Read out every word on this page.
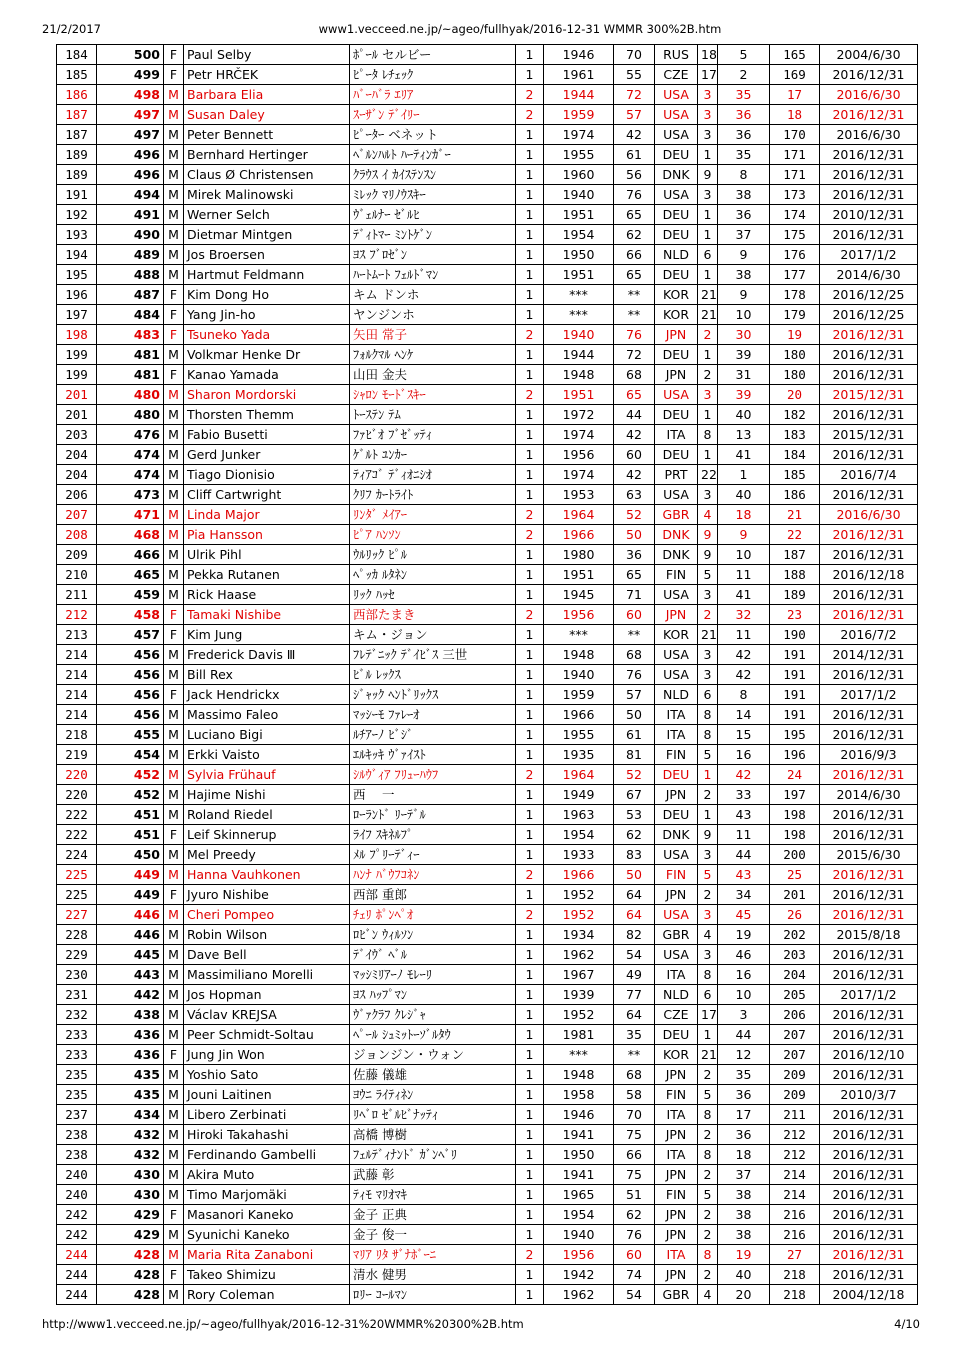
21/2/2017	www1.vecceed.ne.jp/~ageo/fullhyak/2016-12-31 WMMR 300%2B.htm
184	500	F	Paul Selby	ﾎﾟｰﾙ セルビー	1	1946	70	RUS	18	5	165	2004/6/30
185	499	F	Petr HRČEK	ﾋﾟｰﾀ ﾚﾁｪｯｸ	1	1961	55	CZE	17	2	169	2016/12/31
186	498	M	Barbara Elia	ﾊﾞｰﾊﾞﾗ ｴﾘｱ	2	1944	72	USA	3	35	17	2016/6/30
187	497	M	Susan Daley	ｽｰｻﾞﾝ ﾃﾞｲﾘｰ	2	1959	57	USA	3	36	18	2016/12/31
187	497	M	Peter Bennett	ﾋﾟｰﾀｰ ベネット	1	1974	42	USA	3	36	170	2016/6/30
189	496	M	Bernhard Hertinger	ﾍﾞﾙﾝﾊﾙﾄ ﾊｰﾃｨﾝｶﾞｰ	1	1955	61	DEU	1	35	171	2016/12/31
189	496	M	Claus Ø Christensen	ｸﾗｳｽ ｲ ｶｲｽﾃﾝｽﾝ	1	1960	56	DNK	9	8	171	2016/12/31
191	494	M	Mirek Malinowski	ﾐﾚｯｸ ﾏﾘﾉｳｽｷｰ	1	1940	76	USA	3	38	173	2016/12/31
192	491	M	Werner Selch	ｳﾞｪﾙﾅｰ ｾﾞﾙﾋ	1	1951	65	DEU	1	36	174	2010/12/31
193	490	M	Dietmar Mintgen	ﾃﾞｨﾄﾏｰ ﾐﾝﾄｹﾞﾝ	1	1954	62	DEU	1	37	175	2016/12/31
194	489	M	Jos Broersen	ﾖｽ ﾌﾞﾛｾﾞﾝ	1	1950	66	NLD	6	9	176	2017/1/2
195	488	M	Hartmut Feldmann	ﾊｰﾄﾑｰﾄ ﾌｪﾙﾄﾞﾏﾝ	1	1951	65	DEU	1	38	177	2014/6/30
196	487	F	Kim Dong Ho	キム ドンホ	1	***	**	KOR	21	9	178	2016/12/25
197	484	F	Yang Jin-ho	ヤンジンホ	1	***	**	KOR	21	10	179	2016/12/25
198	483	F	Tsuneko Yada	矢田 常子	2	1940	76	JPN	2	30	19	2016/12/31
199	481	M	Volkmar Henke Dr	ﾌｫﾙｸﾏﾙ ﾍﾝｹ	1	1944	72	DEU	1	39	180	2016/12/31
199	481	F	Kanao Yamada	山田 金夫	1	1948	68	JPN	2	31	180	2016/12/31
201	480	M	Sharon Mordorski	ｼｬﾛﾝ ﾓｰﾄﾞｽｷｰ	2	1951	65	USA	3	39	20	2015/12/31
201	480	M	Thorsten Themm	ﾄｰｽﾃﾝ ﾃﾑ	1	1972	44	DEU	1	40	182	2016/12/31
203	476	M	Fabio Busetti	ﾌｧﾋﾞｵ ﾌﾞｾﾞｯﾃｨ	1	1974	42	ITA	8	13	183	2015/12/31
204	474	M	Gerd Junker	ｹﾞﾙﾄ ﾕﾝｶｰ	1	1956	60	DEU	1	41	184	2016/12/31
204	474	M	Tiago Dionisio	ﾃｨｱｺﾞ ﾃﾞｨｵﾆｼｵ	1	1974	42	PRT	22	1	185	2016/7/4
206	473	M	Cliff Cartwright	ｸﾘﾌ ｶｰﾄﾗｲﾄ	1	1953	63	USA	3	40	186	2016/12/31
207	471	M	Linda Major	ﾘﾝﾀﾞ ﾒｲｱｰ	2	1964	52	GBR	4	18	21	2016/6/30
208	468	M	Pia Hansson	ﾋﾟｱ ﾊﾝｿﾝ	2	1966	50	DNK	9	9	22	2016/12/31
209	466	M	Ulrik Pihl	ｳﾙﾘｯｸ ﾋﾟﾙ	1	1980	36	DNK	9	10	187	2016/12/31
210	465	M	Pekka Rutanen	ﾍﾟｯｶ ﾙﾀﾈﾝ	1	1951	65	FIN	5	11	188	2016/12/18
211	459	M	Rick Haase	ﾘｯｸ ﾊｯｾ	1	1945	71	USA	3	41	189	2016/12/31
212	458	F	Tamaki Nishibe	西部たまき	2	1956	60	JPN	2	32	23	2016/12/31
213	457	F	Kim Jung	キム・ジョン	1	***	**	KOR	21	11	190	2016/7/2
214	456	M	Frederick Davis Ⅲ	ﾌﾚﾃﾞﾆｯｸ ﾃﾞｲﾋﾞｽ 三世	1	1948	68	USA	3	42	191	2014/12/31
214	456	M	Bill Rex	ﾋﾞﾙ ﾚｯｸｽ	1	1940	76	USA	3	42	191	2016/12/31
214	456	F	Jack Hendrickx	ｼﾞｬｯｸ ﾍﾝﾄﾞﾘｯｸｽ	1	1959	57	NLD	6	8	191	2017/1/2
214	456	M	Massimo Faleo	ﾏｯｼｰﾓ ﾌｧﾚｰｵ	1	1966	50	ITA	8	14	191	2016/12/31
218	455	M	Luciano Bigi	ﾙﾁｱｰﾉ ﾋﾞｼﾞ	1	1955	61	ITA	8	15	195	2016/12/31
219	454	M	Erkki Vaisto	ｴﾙｷｯｷ ｳﾞｧｲｽﾄ	1	1935	81	FIN	5	16	196	2016/9/3
220	452	M	Sylvia Frühauf	ｼﾙｳﾞｨｱ ﾌﾘｭｰﾊｳﾌ	2	1964	52	DEU	1	42	24	2016/12/31
220	452	M	Hajime Nishi	西　 一	1	1949	67	JPN	2	33	197	2014/6/30
222	451	M	Roland Riedel	ﾛｰﾗﾝﾄﾞ ﾘｰﾃﾞﾙ	1	1963	53	DEU	1	43	198	2016/12/31
222	451	F	Leif Skinnerup	ﾗｲﾌ ｽｷﾈﾙﾌﾟ	1	1954	62	DNK	9	11	198	2016/12/31
224	450	M	Mel Preedy	ﾒﾙ ﾌﾟﾘｰﾃﾞｨｰ	1	1933	83	USA	3	44	200	2015/6/30
225	449	M	Hanna Vauhkonen	ﾊﾝﾅ ﾊﾞｳﾌｺﾈﾝ	2	1966	50	FIN	5	43	25	2016/12/31
225	449	F	Jyuro Nishibe	西部 重郎	1	1952	64	JPN	2	34	201	2016/12/31
227	446	M	Cheri Pompeo	ﾁｪﾘ ﾎﾟﾝﾍﾟｵ	2	1952	64	USA	3	45	26	2016/12/31
228	446	M	Robin Wilson	ﾛﾋﾞﾝ ｳｨﾙｿﾝ	1	1934	82	GBR	4	19	202	2015/8/18
229	445	M	Dave Bell	ﾃﾞｲｳﾞ ﾍﾞﾙ	1	1962	54	USA	3	46	203	2016/12/31
230	443	M	Massimiliano Morelli	ﾏｯｼﾐﾘｱｰﾉ ﾓﾚｰﾘ	1	1967	49	ITA	8	16	204	2016/12/31
231	442	M	Jos Hopman	ﾖｽ ﾊｯﾌﾟﾏﾝ	1	1939	77	NLD	6	10	205	2017/1/2
232	438	M	Václav KREJSA	ｳﾞｧｸﾗﾌ ｸﾚｼﾞｬ	1	1952	64	CZE	17	3	206	2016/12/31
233	436	M	Peer Schmidt-Soltau	ﾍﾟｰﾙ ｼｭﾐｯﾄｰｿﾞﾙﾀｳ	1	1981	35	DEU	1	44	207	2016/12/31
233	436	F	Jung Jin Won	ジョンジン・ウォン	1	***	**	KOR	21	12	207	2016/12/10
235	435	M	Yoshio Sato	佐藤 儀雄	1	1948	68	JPN	2	35	209	2016/12/31
235	435	M	Jouni Laitinen	ﾖｳﾆ ﾗｲﾃｨﾈﾝ	1	1958	58	FIN	5	36	209	2010/3/7
237	434	M	Libero Zerbinati	ﾘﾍﾞﾛ ｾﾞﾙﾋﾞﾅｯﾃｨ	1	1946	70	ITA	8	17	211	2016/12/31
238	432	M	Hiroki Takahashi	高橋 博樹	1	1941	75	JPN	2	36	212	2016/12/31
238	432	M	Ferdinando Gambelli	ﾌｪﾙﾃﾞｨﾅﾝﾄﾞ ｶﾞﾝﾍﾞﾘ	1	1950	66	ITA	8	18	212	2016/12/31
240	430	M	Akira Muto	武藤 彰	1	1941	75	JPN	2	37	214	2016/12/31
240	430	M	Timo Marjomäki	ﾃｨﾓ ﾏﾘｵﾏｷ	1	1965	51	FIN	5	38	214	2016/12/31
242	429	F	Masanori Kaneko	金子 正典	1	1954	62	JPN	2	38	216	2016/12/31
242	429	M	Syunichi Kaneko	金子 俊一	1	1940	76	JPN	2	38	216	2016/12/31
244	428	M	Maria Rita Zanaboni	ﾏﾘｱ ﾘﾀ ｻﾞﾅﾎﾞｰﾆ	2	1956	60	ITA	8	19	27	2016/12/31
244	428	F	Takeo Shimizu	清水 健男	1	1942	74	JPN	2	40	218	2016/12/31
244	428	M	Rory Coleman	ﾛﾘｰ ｺｰﾙﾏﾝ	1	1962	54	GBR	4	20	218	2004/12/18
http://www1.vecceed.ne.jp/~ageo/fullhyak/2016-12-31%20WMMR%20300%2B.htm	4/10
